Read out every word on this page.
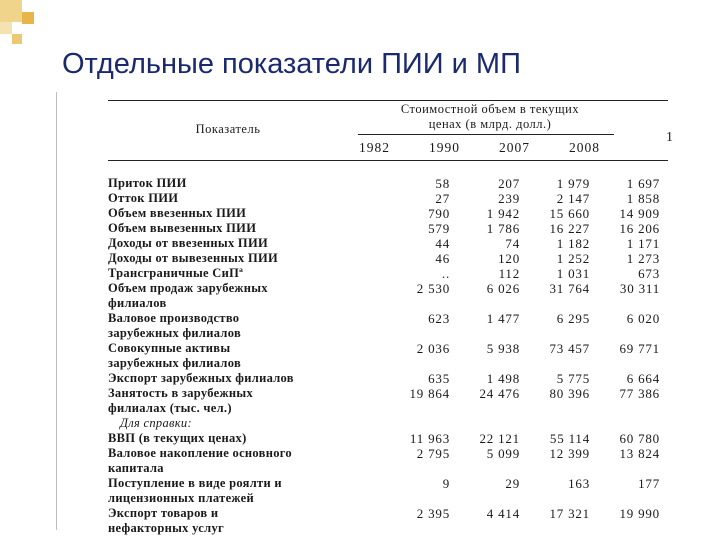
Отдельные показатели ПИИ и МП
Стоимостной объем в текущих
ценах (в млрд. долл.)
Показатель
1
1982	1990	2007	2008
Приток ПИИ	58	207	1 979	1 697
Отток ПИИ	27	239	2 147	1 858
Объем ввезенных ПИИ	790	1 942	15 660	14 909
Объем вывезенных ПИИ	579	1 786	16 227	16 206
Доходы от ввезенных ПИИ	44	74	1 182	1 171
Доходы от вывезенных ПИИ	46	120	1 252	1 273
Трансграничные СиПª	..	112	1 031	673
Объем продаж зарубежных	2 530	6 026	31 764	30 311
филиалов				
Валовое производство	623	1 477	6 295	6 020
зарубежных филиалов				
Совокупные активы	2 036	5 938	73 457	69 771
зарубежных филиалов				
Экспорт зарубежных филиалов	635	1 498	5 775	6 664
Занятость в зарубежных	19 864	24 476	80 396	77 386
филиалах (тыс. чел.)				
Для справки:				
ВВП (в текущих ценах)	11 963	22 121	55 114	60 780
Валовое накопление основного	2 795	5 099	12 399	13 824
капитала				
Поступление в виде роялти и	9	29	163	177
лицензионных платежей				
Экспорт товаров и	2 395	4 414	17 321	19 990
нефакторных услуг				
